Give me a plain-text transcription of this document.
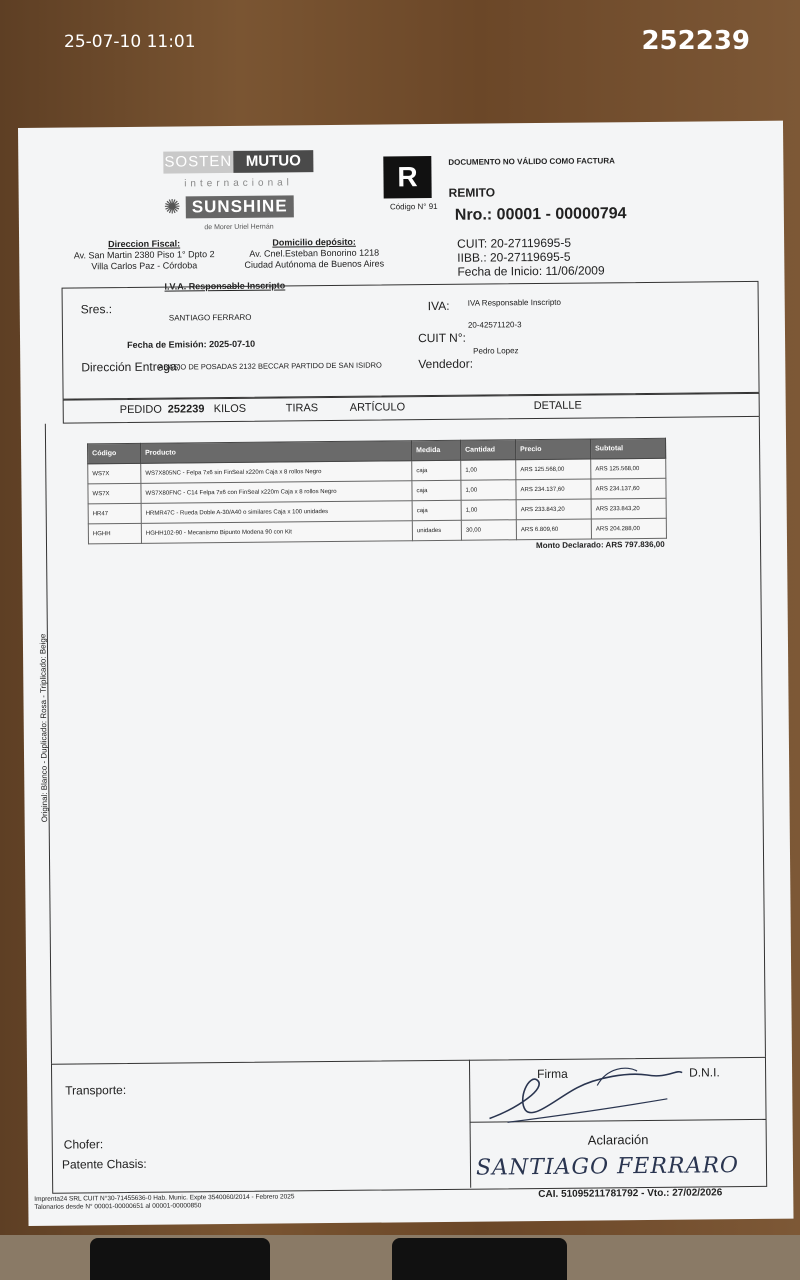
25-07-10 11:01	252239
SOSTEN MUTUO
internacional
✺ SUNSHINE
de Morer Uriel Hernán
Direccion Fiscal:
Av. San Martin 2380 Piso 1° Dpto 2
Villa Carlos Paz - Córdoba
Domicilio depósito:
Av. Cnel.Esteban Bonorino 1218
Ciudad Autónoma de Buenos Aires
I.V.A. Responsable Inscripto
R
Código N° 91
DOCUMENTO NO VÁLIDO COMO FACTURA
REMITO
Nro.: 00001 - 00000794
CUIT: 20-27119695-5
IIBB.: 20-27119695-5
Fecha de Inicio: 11/06/2009
Sres.:
SANTIAGO FERRARO
IVA: IVA Responsable Inscripto
20-42571120-3
CUIT N°:
Fecha de Emisión: 2025-07-10
Dirección Entrega:
ABASIO DE POSADAS 2132 BECCAR PARTIDO DE SAN ISIDRO
Pedro Lopez
Vendedor:
PEDIDO 252239 KILOS	TIRAS	ARTÍCULO	DETALLE
Original: Blanco - Duplicado: Rosa - Triplicado: Beige
Código	Producto	Medida	Cantidad	Precio	Subtotal
WS7X	WS7X805NC - Felpa 7x6 sin FinSeal x220m Caja x 8 rollos Negro	caja	1,00	ARS 125.568,00	ARS 125.568,00
WS7X	WS7X80FNC - C14 Felpa 7x6 con FinSeal x220m Caja x 8 rollos Negro	caja	1,00	ARS 234.137,60	ARS 234.137,60
HR47	HRMR47C - Rueda Doble A-30/A40 o similares Caja x 100 unidades	caja	1,00	ARS 233.843,20	ARS 233.843,20
HGHH	HGHH102-90 - Mecanismo Bipunto Modena 90 con Kit	unidades	30,00	ARS 6.809,60	ARS 204.288,00
Monto Declarado: ARS 797.836,00
Transporte:
Chofer:
Patente Chasis:
Firma	D.N.I.
Aclaración
SANTIAGO FERRARO
Imprenta24 SRL CUIT N°30-71455636-0 Hab. Munic. Expte 3540060/2014 - Febrero 2025
Talonarios desde N° 00001-00000651 al 00001-00000850
CAI. 51095211781792 - Vto.: 27/02/2026
